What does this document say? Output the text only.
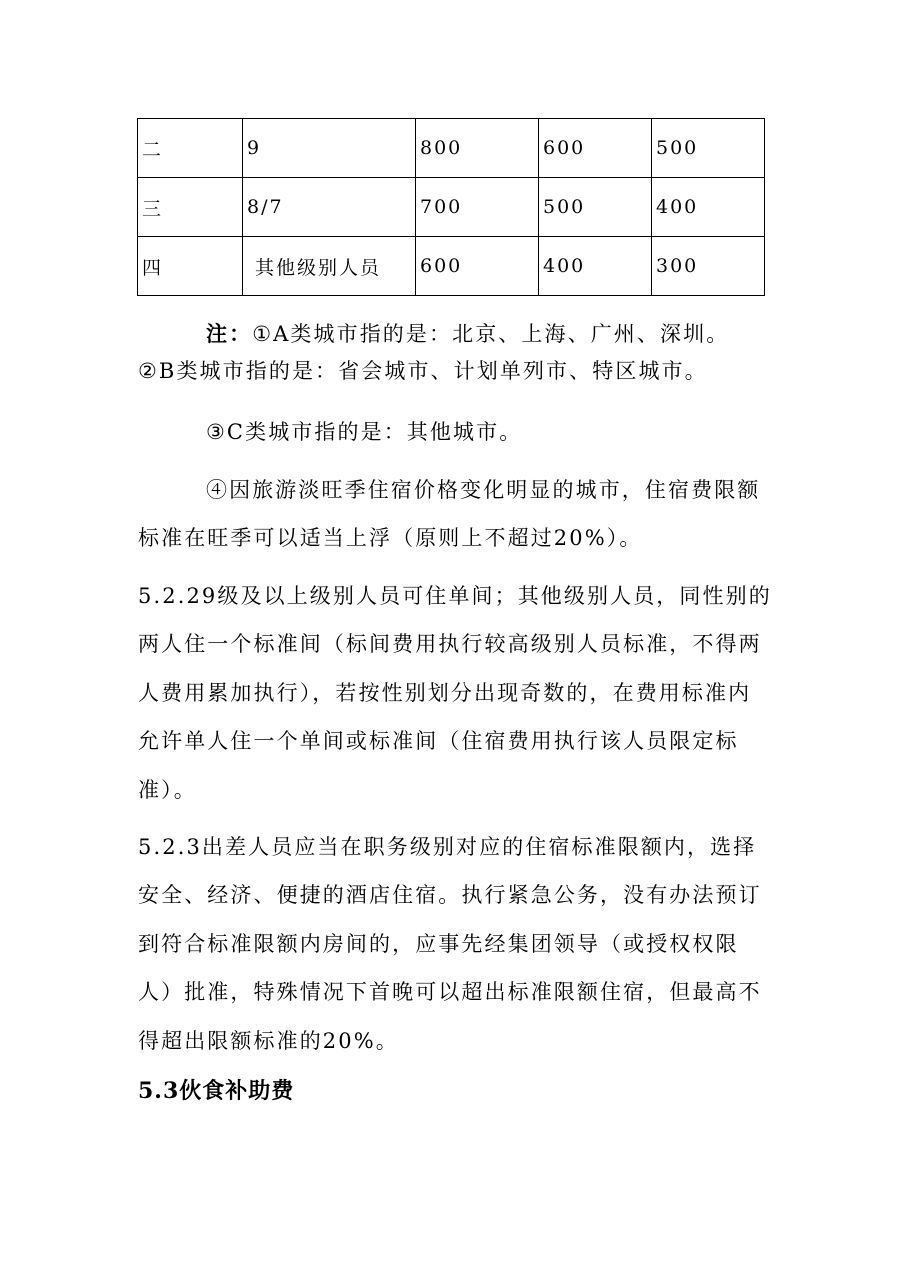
二	9	800	600	500
三	8/7	700	500	400
四	其他级别人员	600	400	300

注：①A类城市指的是：北京、上海、广州、深圳。

②B类城市指的是：省会城市、计划单列市、特区城市。

③C类城市指的是：其他城市。

④因旅游淡旺季住宿价格变化明显的城市，住宿费限额

标准在旺季可以适当上浮（原则上不超过20%）。

5.2.29级及以上级别人员可住单间；其他级别人员，同性别的

两人住一个标准间（标间费用执行较高级别人员标准，不得两

人费用累加执行），若按性别划分出现奇数的，在费用标准内

允许单人住一个单间或标准间（住宿费用执行该人员限定标

准）。

5.2.3出差人员应当在职务级别对应的住宿标准限额内，选择

安全、经济、便捷的酒店住宿。执行紧急公务，没有办法预订

到符合标准限额内房间的，应事先经集团领导（或授权权限

人）批准，特殊情况下首晚可以超出标准限额住宿，但最高不

得超出限额标准的20%。

5.3伙食补助费
